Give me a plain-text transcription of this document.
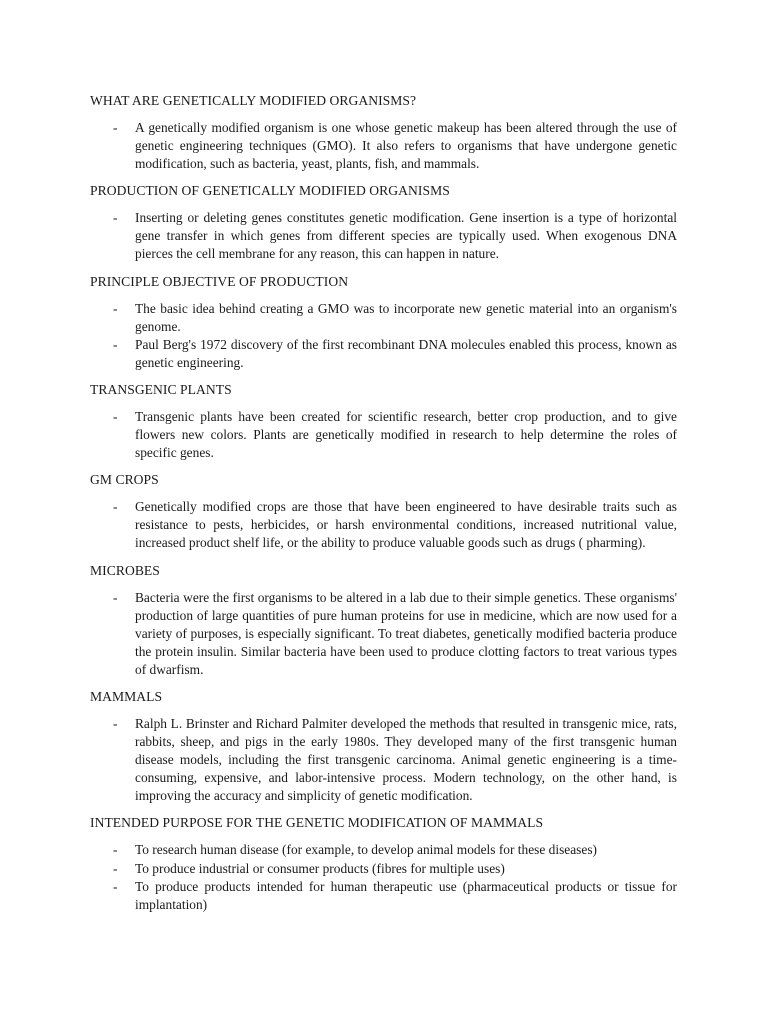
WHAT ARE GENETICALLY MODIFIED ORGANISMS?
- A genetically modified organism is one whose genetic makeup has been altered through the use of genetic engineering techniques (GMO). It also refers to organisms that have undergone genetic modification, such as bacteria, yeast, plants, fish, and mammals.
PRODUCTION OF GENETICALLY MODIFIED ORGANISMS
- Inserting or deleting genes constitutes genetic modification. Gene insertion is a type of horizontal gene transfer in which genes from different species are typically used. When exogenous DNA pierces the cell membrane for any reason, this can happen in nature.
PRINCIPLE OBJECTIVE OF PRODUCTION
- The basic idea behind creating a GMO was to incorporate new genetic material into an organism's genome.
- Paul Berg's 1972 discovery of the first recombinant DNA molecules enabled this process, known as genetic engineering.
TRANSGENIC PLANTS
- Transgenic plants have been created for scientific research, better crop production, and to give flowers new colors. Plants are genetically modified in research to help determine the roles of specific genes.
GM CROPS
- Genetically modified crops are those that have been engineered to have desirable traits such as resistance to pests, herbicides, or harsh environmental conditions, increased nutritional value, increased product shelf life, or the ability to produce valuable goods such as drugs ( pharming).
MICROBES
- Bacteria were the first organisms to be altered in a lab due to their simple genetics. These organisms' production of large quantities of pure human proteins for use in medicine, which are now used for a variety of purposes, is especially significant. To treat diabetes, genetically modified bacteria produce the protein insulin. Similar bacteria have been used to produce clotting factors to treat various types of dwarfism.
MAMMALS
- Ralph L. Brinster and Richard Palmiter developed the methods that resulted in transgenic mice, rats, rabbits, sheep, and pigs in the early 1980s. They developed many of the first transgenic human disease models, including the first transgenic carcinoma. Animal genetic engineering is a time-consuming, expensive, and labor-intensive process. Modern technology, on the other hand, is improving the accuracy and simplicity of genetic modification.
INTENDED PURPOSE FOR THE GENETIC MODIFICATION OF MAMMALS
- To research human disease (for example, to develop animal models for these diseases)
- To produce industrial or consumer products (fibres for multiple uses)
- To produce products intended for human therapeutic use (pharmaceutical products or tissue for implantation)
